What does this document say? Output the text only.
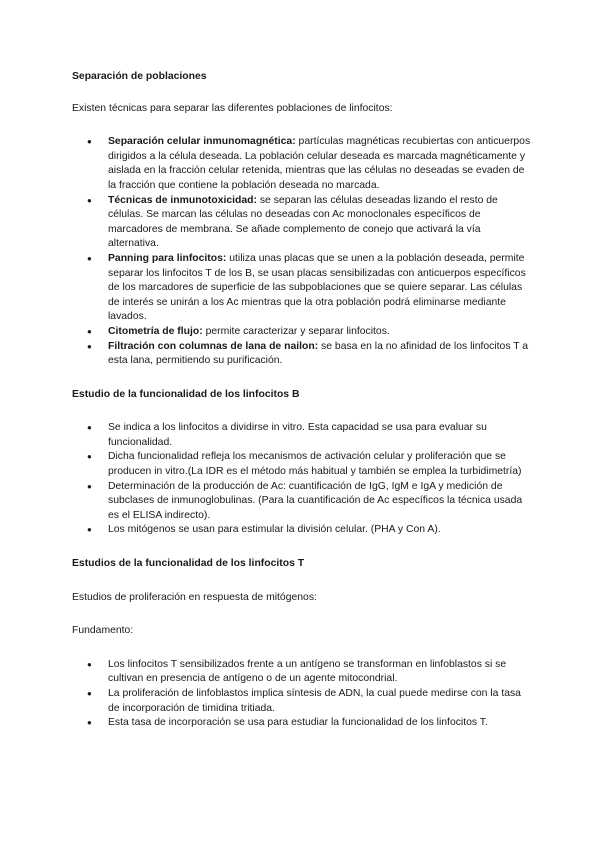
Separación de poblaciones

Existen técnicas para separar las diferentes poblaciones de linfocitos:

● Separación celular inmunomagnética: partículas magnéticas recubiertas con anticuerpos dirigidos a la célula deseada. La población celular deseada es marcada magnéticamente y aislada en la fracción celular retenida, mientras que las células no deseadas se evaden de la fracción que contiene la población deseada no marcada.
● Técnicas de inmunotoxicidad: se separan las células deseadas lizando el resto de células. Se marcan las células no deseadas con Ac monoclonales específicos de marcadores de membrana. Se añade complemento de conejo que activará la vía alternativa.
● Panning para linfocitos: utiliza unas placas que se unen a la población deseada, permite separar los linfocitos T de los B, se usan placas sensibilizadas con anticuerpos específicos de los marcadores de superficie de las subpoblaciones que se quiere separar. Las células de interés se unirán a los Ac mientras que la otra población podrá eliminarse mediante lavados.
● Citometría de flujo: permite caracterizar y separar linfocitos.
● Filtración con columnas de lana de nailon: se basa en la no afinidad de los linfocitos T a esta lana, permitiendo su purificación.
Estudio de la funcionalidad de los linfocitos B
● Se indica a los linfocitos a dividirse in vitro. Esta capacidad se usa para evaluar su funcionalidad.
● Dicha funcionalidad refleja los mecanismos de activación celular y proliferación que se producen in vitro.(La IDR es el método más habitual y también se emplea la turbidimetría)
● Determinación de la producción de Ac: cuantificación de IgG, IgM e IgA y medición de subclases de inmunoglobulinas. (Para la cuantificación de Ac específicos la técnica usada es el ELISA indirecto).
● Los mitógenos se usan para estimular la división celular. (PHA y Con A).
Estudios de la funcionalidad de los linfocitos T

Estudios de proliferación en respuesta de mitógenos:

Fundamento:

● Los linfocitos T sensibilizados frente a un antígeno se transforman en linfoblastos si se cultivan en presencia de antígeno o de un agente mitocondrial.
● La proliferación de linfoblastos implica síntesis de ADN, la cual puede medirse con la tasa de incorporación de timidina tritiada.
● Esta tasa de incorporación se usa para estudiar la funcionalidad de los linfocitos T.
